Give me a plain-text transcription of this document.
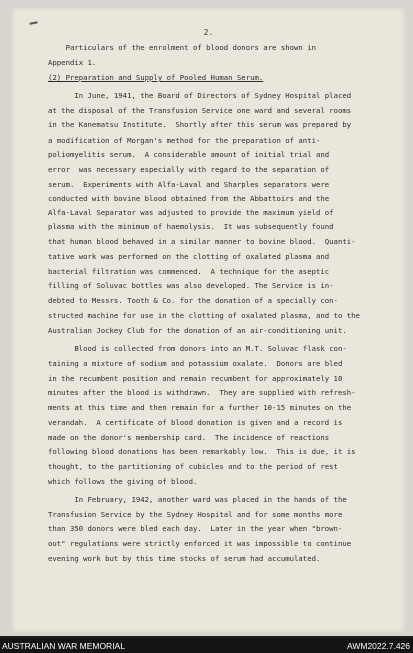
2.
Particulars of the enrolment of blood donors are shown in
Appendix 1.
(2) Preparation and Supply of Pooled Human Serum.
In June, 1941, the Board of Directors of Sydney Hospital placed
at the disposal of the Transfusion Service one ward and several rooms
in the Kanematsu Institute.  Shortly after this serum was prepared by
a modification of Morgan's method for the preparation of anti-
poliomyelitis serum.  A considerable amount of initial trial and
error  was necessary especially with regard to the separation of
serum.  Experiments with Alfa-Laval and Sharples separators were
conducted with bovine blood obtained from the Abbattoirs and the
Alfa-Laval Separator was adjusted to provide the maximum yield of
plasma with the minimum of haemolysis.  It was subsequently found
that human blood behaved in a similar manner to bovine blood.  Quanti-
tative work was performed on the clotting of oxalated plasma and
bacterial filtration was commenced.  A technique for the aseptic
filling of Soluvac bottles was also developed. The Service is in-
debted to Messrs. Tooth & Co. for the donation of a specially con-
structed machine for use in the clotting of oxalated plasma, and to the
Australian Jockey Club for the donation of an air-conditioning unit.
Blood is collected from donors into an M.T. Soluvac flask con-
taining a mixture of sodium and potassium oxalate.  Donors are bled
in the recumbent position and remain recumbent for approximately 10
minutes after the blood is withdrawn.  They are supplied with refresh-
ments at this time and then remain for a further 10-15 minutes on the
verandah.  A certificate of blood donation is given and a record is
made on the donor's membership card.  The incidence of reactions
following blood donations has been remarkably low.  This is due, it is
thought, to the partitioning of cubicles and to the period of rest
which follows the giving of blood.
In February, 1942, another ward was placed in the hands of the
Transfusion Service by the Sydney Hospital and for some months more
than 350 donors were bled each day.  Later in the year when "brown-
out" regulations were strictly enforced it was impossible to continue
evening work but by this time stocks of serum had accumulated.
AUSTRALIAN WAR MEMORIAL	AWM2022.7.426
